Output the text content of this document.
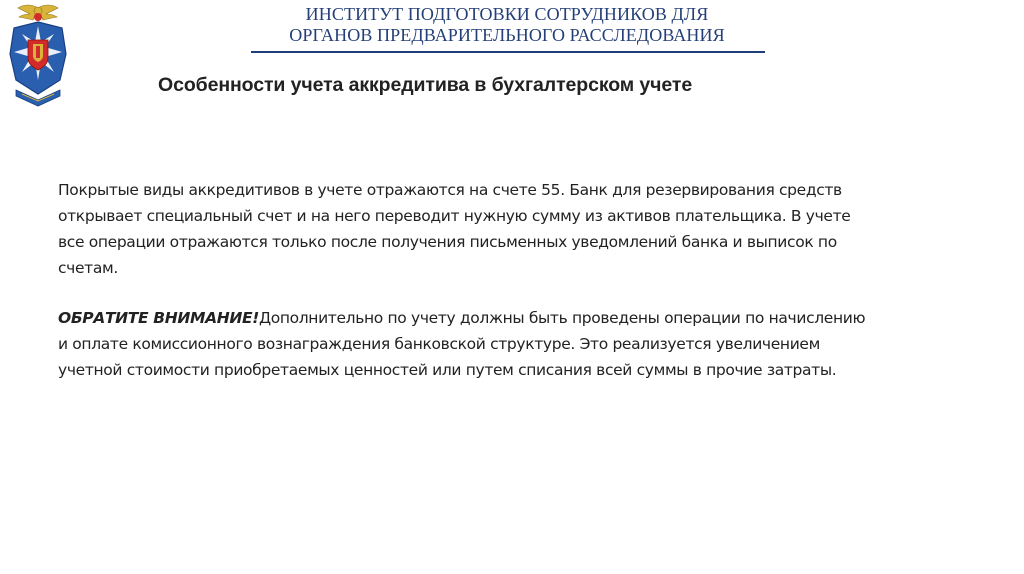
ИНСТИТУТ ПОДГОТОВКИ СОТРУДНИКОВ ДЛЯ
ОРГАНОВ ПРЕДВАРИТЕЛЬНОГО РАССЛЕДОВАНИЯ
Особенности учета аккредитива в бухгалтерском учете
Покрытые виды аккредитивов в учете отражаются на счете 55. Банк для резервирования средств
открывает специальный счет и на него переводит нужную сумму из активов плательщика. В учете
все операции отражаются только после получения письменных уведомлений банка и выписок по
счетам.
ОБРАТИТЕ ВНИМАНИЕ!Дополнительно по учету должны быть проведены операции по начислению
и оплате комиссионного вознаграждения банковской структуре. Это реализуется увеличением
учетной стоимости приобретаемых ценностей или путем списания всей суммы в прочие затраты.
